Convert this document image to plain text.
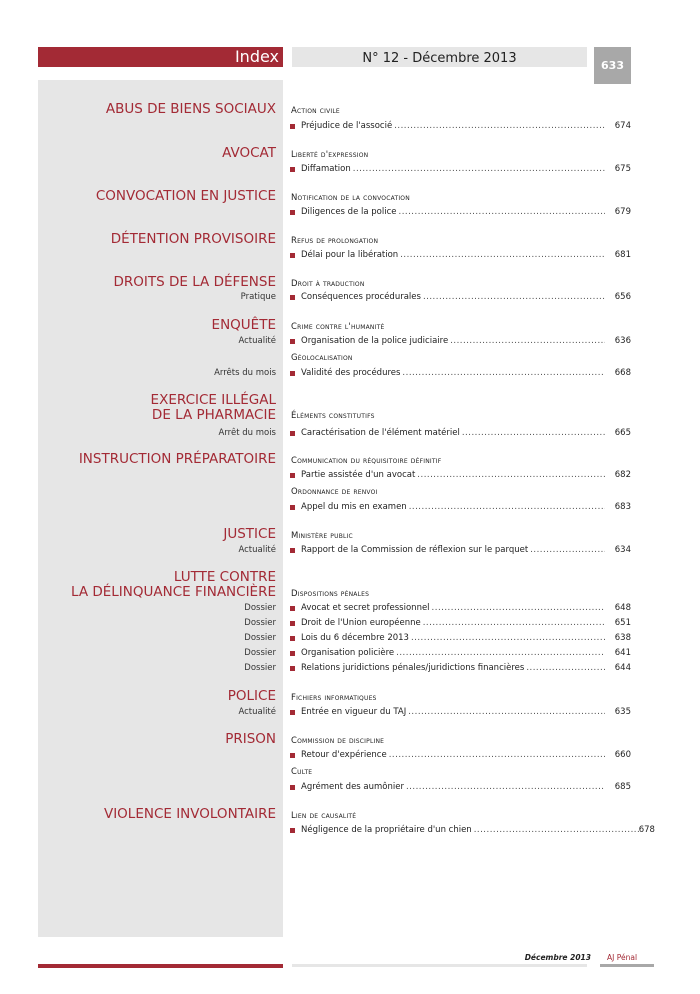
Index	N° 12 - Décembre 2013	633
ABUS DE BIENS SOCIAUX Action civile
Préjudice de l'associé .....	674
AVOCAT Liberté d'expression
Diffamation .....	675
CONVOCATION EN JUSTICE Notification de la convocation
Diligences de la police .....	679
DÉTENTION PROVISOIRE Refus de prolongation
Délai pour la libération .....	681
DROITS DE LA DÉFENSE Droit à traduction
Pratique	Conséquences procédurales .....	656
ENQUÊTE Crime contre l'humanité
Actualité	Organisation de la police judiciaire .....	636
Géolocalisation
Arrêts du mois	Validité des procédures .....	668
EXERCICE ILLÉGAL
DE LA PHARMACIE Éléments constitutifs
Arrêt du mois	Caractérisation de l'élément matériel .....	665
INSTRUCTION PRÉPARATOIRE Communication du réquisitoire définitif
Partie assistée d'un avocat .....	682
Ordonnance de renvoi
Appel du mis en examen .....	683
JUSTICE Ministère public
Actualité	Rapport de la Commission de réflexion sur le parquet .....	634
LUTTE CONTRE
LA DÉLINQUANCE FINANCIÈRE Dispositions pénales
Dossier	Avocat et secret professionnel .....	648
Dossier	Droit de l'Union européenne .....	651
Dossier	Lois du 6 décembre 2013 .....	638
Dossier	Organisation policière .....	641
Dossier	Relations juridictions pénales/juridictions financières .....	644
POLICE Fichiers informatiques
Actualité	Entrée en vigueur du TAJ .....	635
PRISON Commission de discipline
Retour d'expérience .....	660
Culte
Agrément des aumônier .....	685
VIOLENCE INVOLONTAIRE Lien de causalité
Négligence de la propriétaire d'un chien .....	678
Décembre 2013 AJ Pénal
